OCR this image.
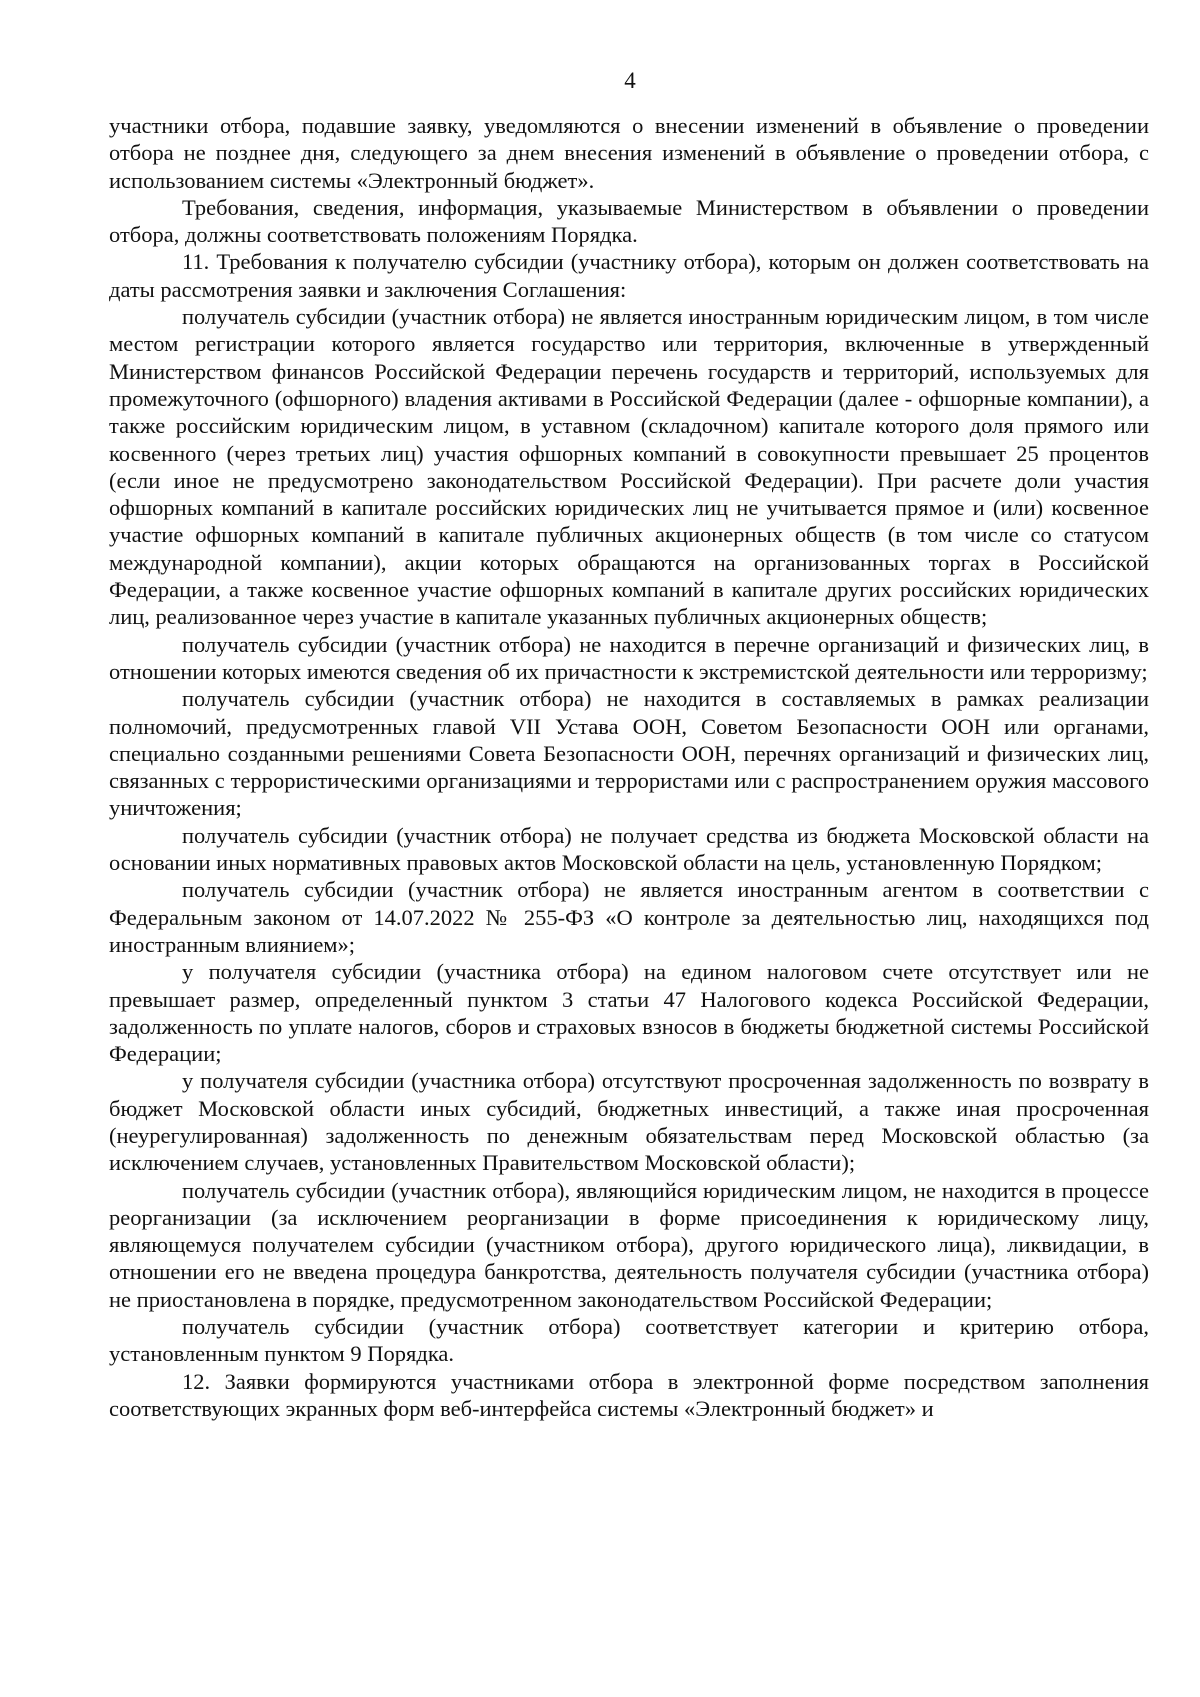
4

участники отбора, подавшие заявку, уведомляются о внесении изменений в объявление о проведении отбора не позднее дня, следующего за днем внесения изменений в объявление о проведении отбора, с использованием системы «Электронный бюджет».

Требования, сведения, информация, указываемые Министерством в объявлении о проведении отбора, должны соответствовать положениям Порядка.

11. Требования к получателю субсидии (участнику отбора), которым он должен соответствовать на даты рассмотрения заявки и заключения Соглашения:

получатель субсидии (участник отбора) не является иностранным юридическим лицом, в том числе местом регистрации которого является государство или территория, включенные в утвержденный Министерством финансов Российской Федерации перечень государств и территорий, используемых для промежуточного (офшорного) владения активами в Российской Федерации (далее - офшорные компании), а также российским юридическим лицом, в уставном (складочном) капитале которого доля прямого или косвенного (через третьих лиц) участия офшорных компаний в совокупности превышает 25 процентов (если иное не предусмотрено законодательством Российской Федерации). При расчете доли участия офшорных компаний в капитале российских юридических лиц не учитывается прямое и (или) косвенное участие офшорных компаний в капитале публичных акционерных обществ (в том числе со статусом международной компании), акции которых обращаются на организованных торгах в Российской Федерации, а также косвенное участие офшорных компаний в капитале других российских юридических лиц, реализованное через участие в капитале указанных публичных акционерных обществ;

получатель субсидии (участник отбора) не находится в перечне организаций и физических лиц, в отношении которых имеются сведения об их причастности к экстремистской деятельности или терроризму;

получатель субсидии (участник отбора) не находится в составляемых в рамках реализации полномочий, предусмотренных главой VII Устава ООН, Советом Безопасности ООН или органами, специально созданными решениями Совета Безопасности ООН, перечнях организаций и физических лиц, связанных с террористическими организациями и террористами или с распространением оружия массового уничтожения;

получатель субсидии (участник отбора) не получает средства из бюджета Московской области на основании иных нормативных правовых актов Московской области на цель, установленную Порядком;

получатель субсидии (участник отбора) не является иностранным агентом в соответствии с Федеральным законом от 14.07.2022 № 255-ФЗ «О контроле за деятельностью лиц, находящихся под иностранным влиянием»;

у получателя субсидии (участника отбора) на едином налоговом счете отсутствует или не превышает размер, определенный пунктом 3 статьи 47 Налогового кодекса Российской Федерации, задолженность по уплате налогов, сборов и страховых взносов в бюджеты бюджетной системы Российской Федерации;

у получателя субсидии (участника отбора) отсутствуют просроченная задолженность по возврату в бюджет Московской области иных субсидий, бюджетных инвестиций, а также иная просроченная (неурегулированная) задолженность по денежным обязательствам перед Московской областью (за исключением случаев, установленных Правительством Московской области);

получатель субсидии (участник отбора), являющийся юридическим лицом, не находится в процессе реорганизации (за исключением реорганизации в форме присоединения к юридическому лицу, являющемуся получателем субсидии (участником отбора), другого юридического лица), ликвидации, в отношении его не введена процедура банкротства, деятельность получателя субсидии (участника отбора) не приостановлена в порядке, предусмотренном законодательством Российской Федерации;

получатель субсидии (участник отбора) соответствует категории и критерию отбора, установленным пунктом 9 Порядка.

12. Заявки формируются участниками отбора в электронной форме посредством заполнения соответствующих экранных форм веб-интерфейса системы «Электронный бюджет» и
